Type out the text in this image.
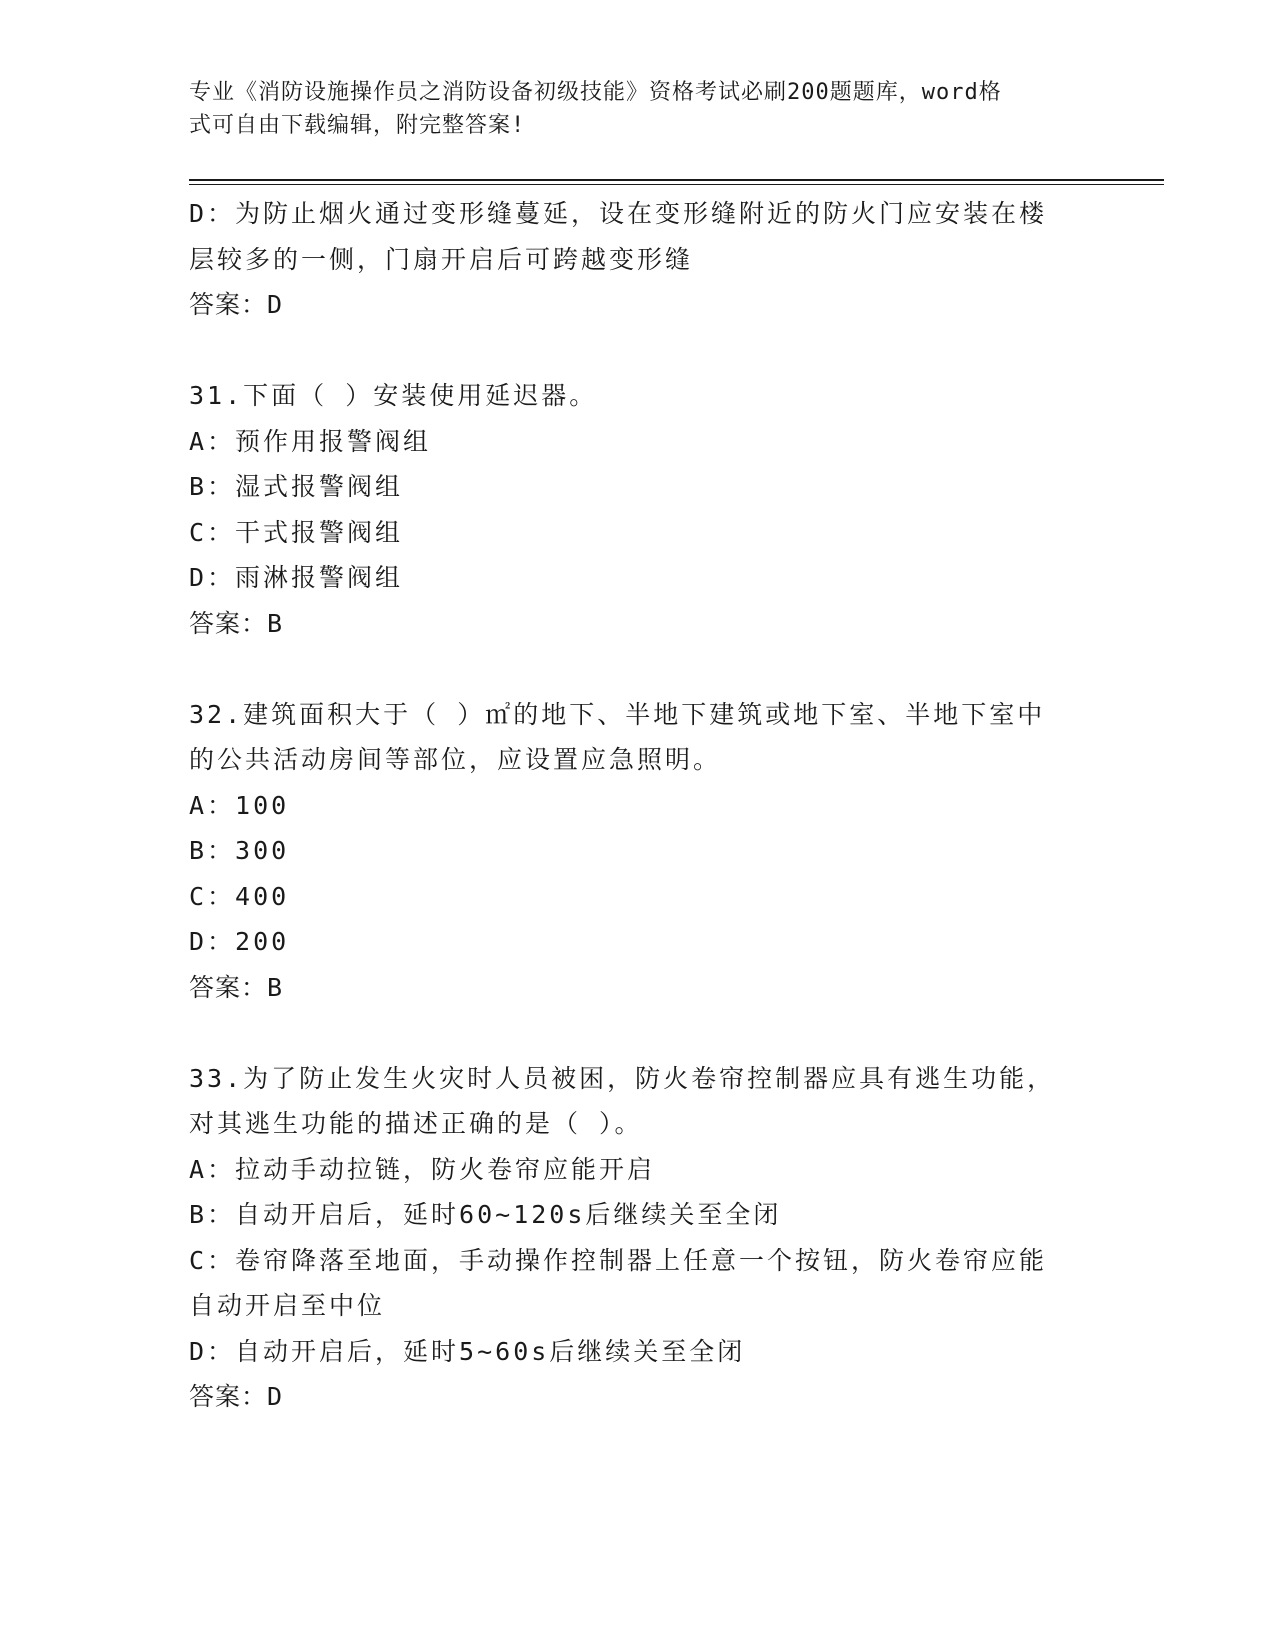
专业《消防设施操作员之消防设备初级技能》资格考试必刷200题题库，word格
式可自由下载编辑，附完整答案!

D：为防止烟火通过变形缝蔓延，设在变形缝附近的防火门应安装在楼

层较多的一侧，门扇开启后可跨越变形缝

答案：D

31.下面（ ）安装使用延迟器。

A：预作用报警阀组

B：湿式报警阀组

C：干式报警阀组

D：雨淋报警阀组

答案：B

32.建筑面积大于（ ）㎡的地下、半地下建筑或地下室、半地下室中

的公共活动房间等部位，应设置应急照明。

A：100

B：300

C：400

D：200

答案：B

33.为了防止发生火灾时人员被困，防火卷帘控制器应具有逃生功能，

对其逃生功能的描述正确的是（ ）。

A：拉动手动拉链，防火卷帘应能开启

B：自动开启后，延时60~120s后继续关至全闭

C：卷帘降落至地面，手动操作控制器上任意一个按钮，防火卷帘应能

自动开启至中位

D：自动开启后，延时5~60s后继续关至全闭

答案：D
